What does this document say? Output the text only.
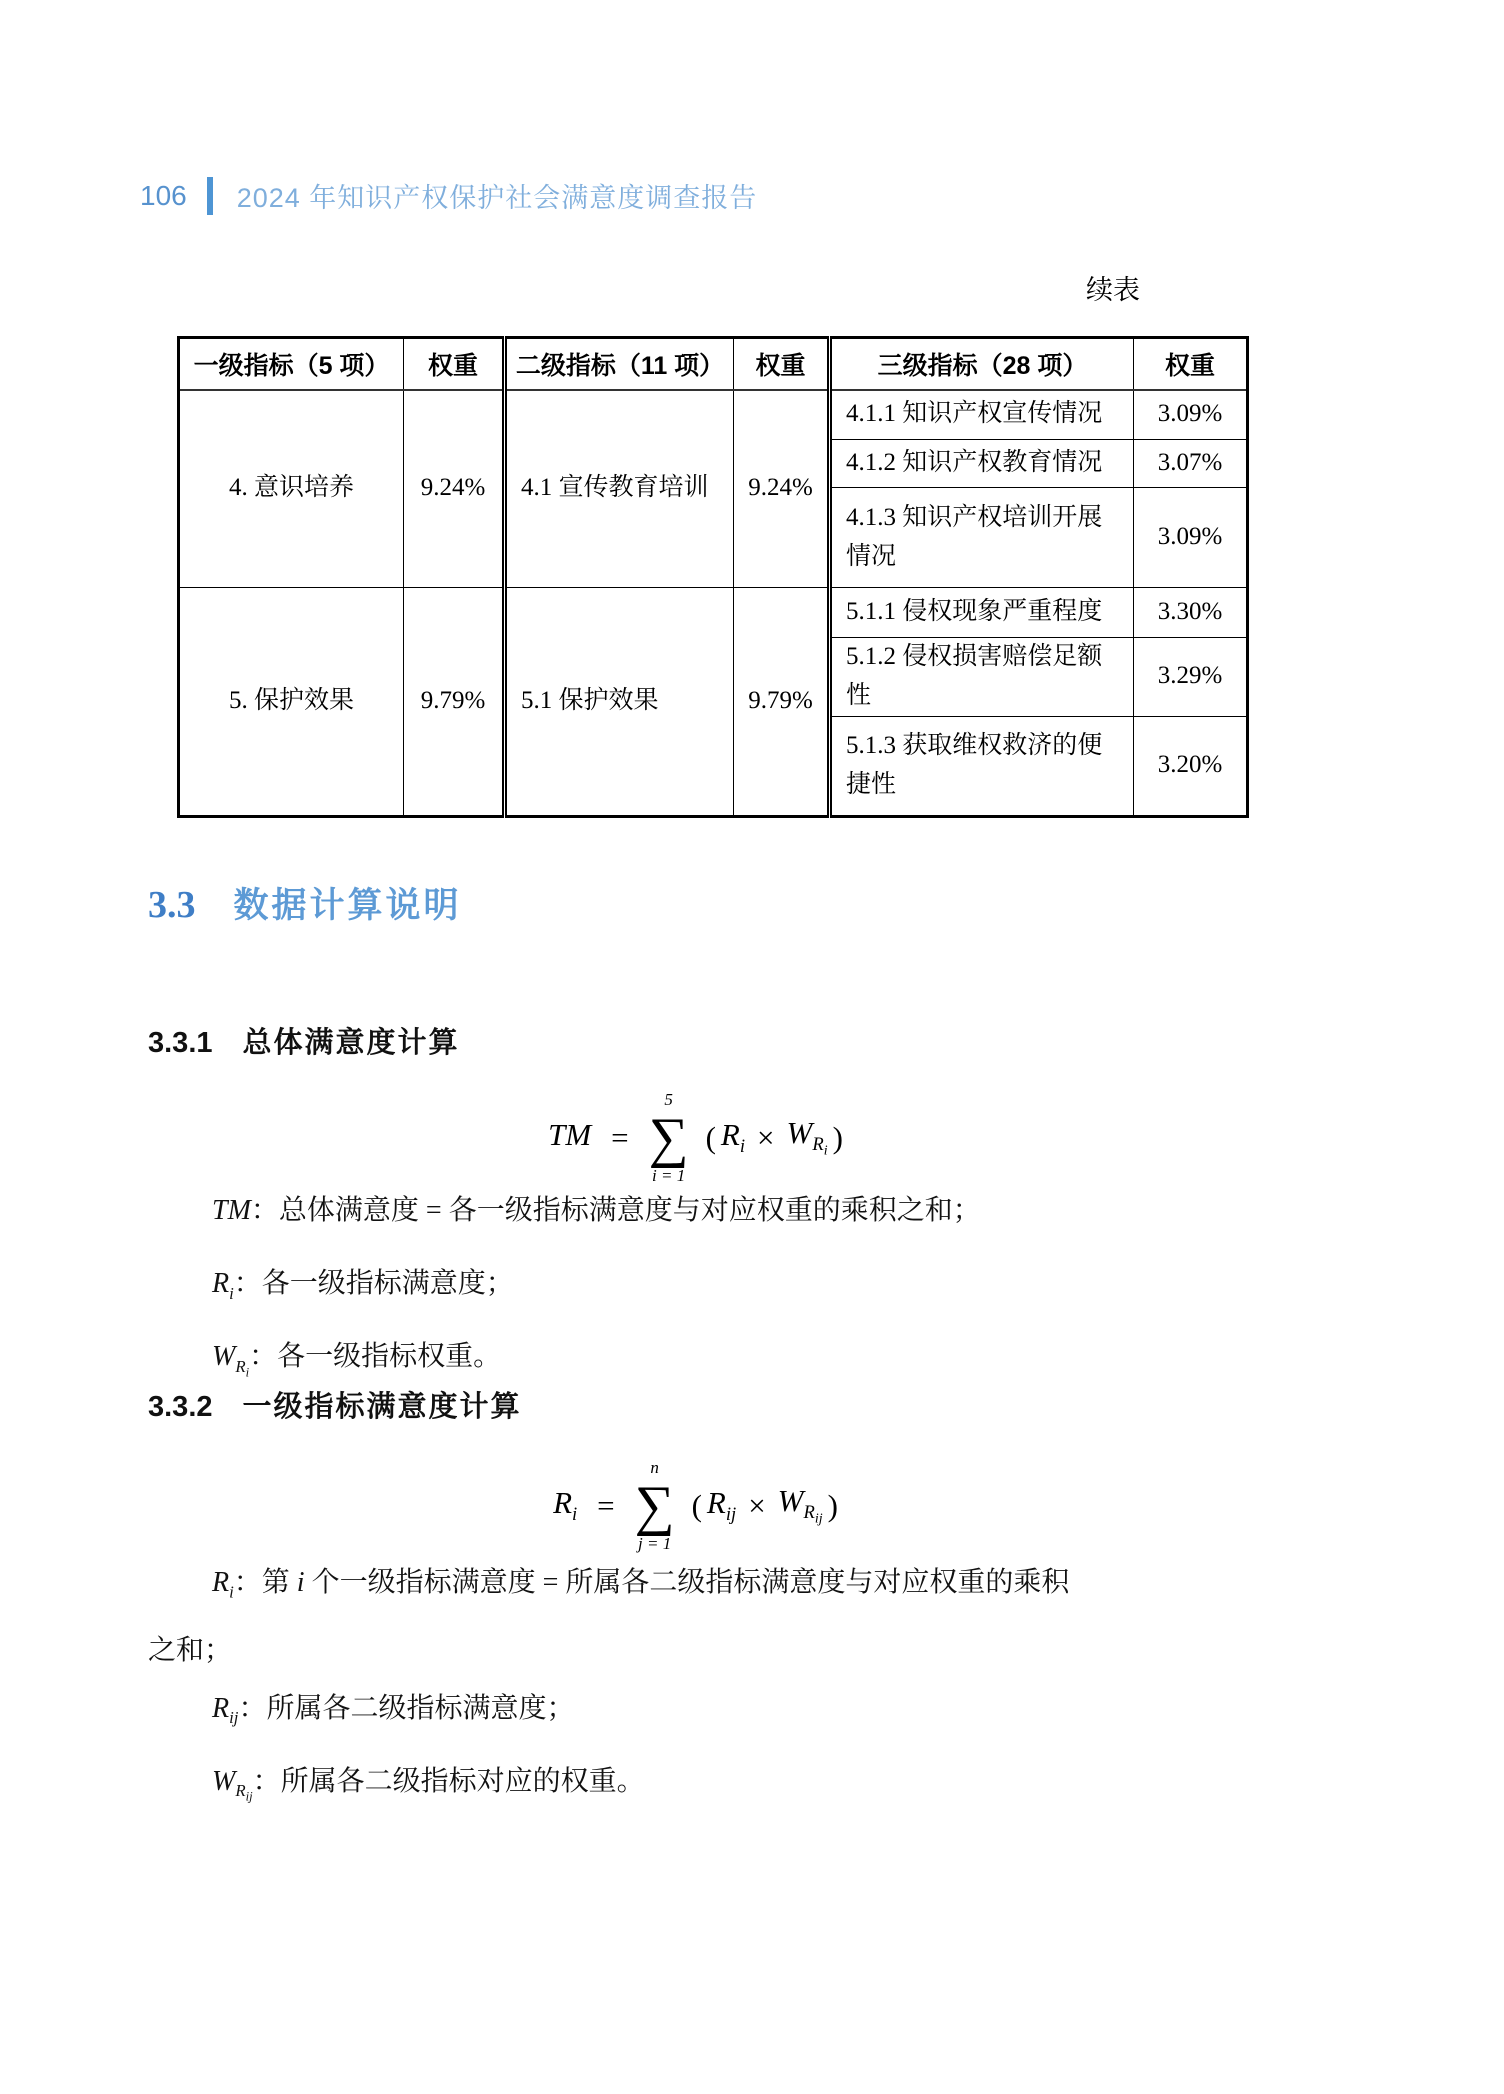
106 2024 年知识产权保护社会满意度调查报告
续表
一级指标（5 项）	权重	二级指标（11 项）	权重	三级指标（28 项）	权重
4. 意识培养	9.24%	4.1 宣传教育培训	9.24%	4.1.1 知识产权宣传情况	3.09%
				4.1.2 知识产权教育情况	3.07%
				4.1.3 知识产权培训开展情况	3.09%
5. 保护效果	9.79%	5.1 保护效果	9.79%	5.1.1 侵权现象严重程度	3.30%
				5.1.2 侵权损害赔偿足额性	3.29%
				5.1.3 获取维权救济的便捷性	3.20%
3.3 数据计算说明
3.3.1 总体满意度计算
TM =
5
∑
i = 1
( $R_i \times W_{R_i}$ )
TM：总体满意度 = 各一级指标满意度与对应权重的乘积之和；
$R_i$：各一级指标满意度；
$W_{R_i}$：各一级指标权重。
3.3.2 一级指标满意度计算
$R_i$ =
n
∑
j = 1
( $R_{ij} \times W_{R_{ij}}$ )
$R_i$：第 i 个一级指标满意度 = 所属各二级指标满意度与对应权重的乘积
之和；
$R_{ij}$：所属各二级指标满意度；
$W_{R_{ij}}$：所属各二级指标对应的权重。
